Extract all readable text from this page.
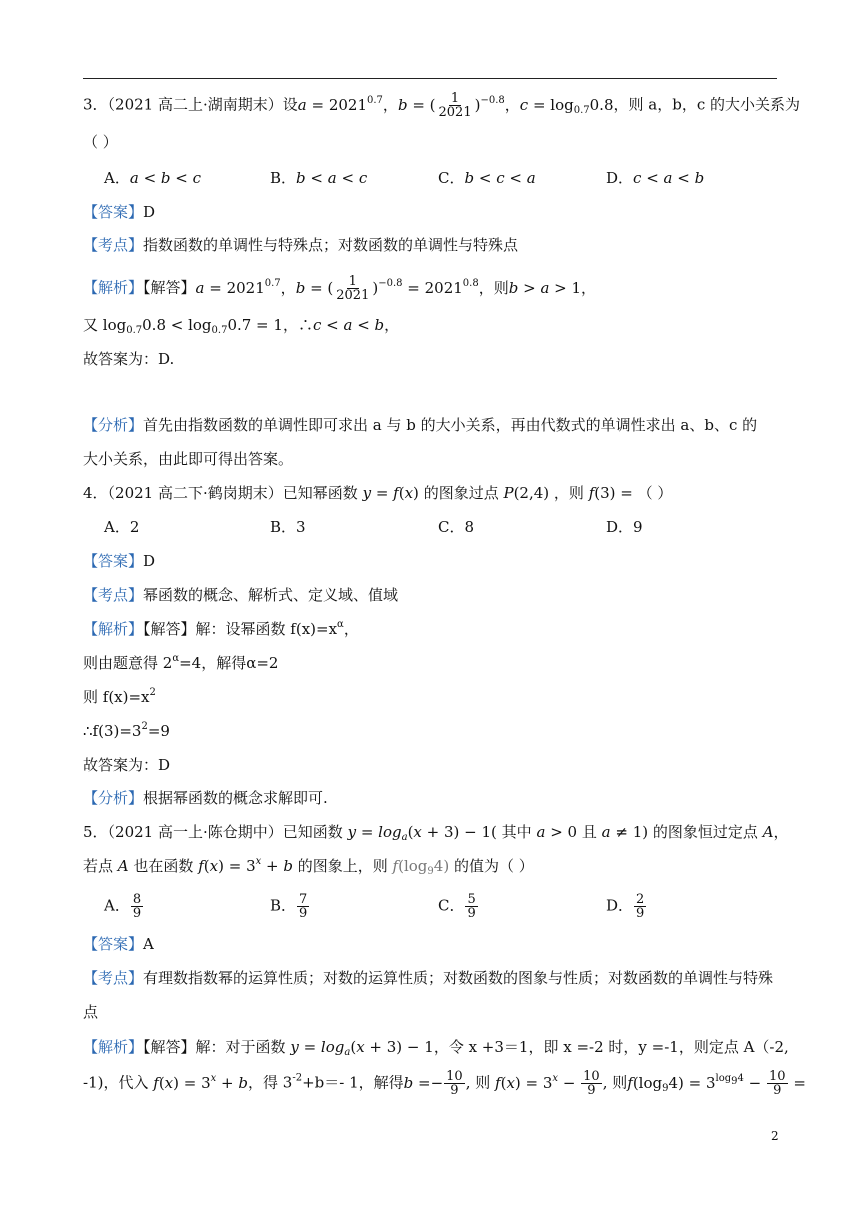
3．（2021 高二上·湖南期末）设$a = 2021^{0.7}$，b = ( $\frac{1}{2021} )^{-0.8}$，$c = \log_{0.7}0.8$，则 a，b，c 的大小关系为
（ ）
A．a < b < c	B．b < a < c	C．b < c < a	D．c < a < b
【答案】D
【考点】指数函数的单调性与特殊点；对数函数的单调性与特殊点
【解析】【解答】$a = 2021^{0.7}$，b = ( $\frac{1}{2021} )^{-0.8} = 2021^{0.8}$，则b > a > 1，
又 $\log_{0.7}0.8 < \log_{0.7}0.7 = 1$，∴c < a < b，
故答案为：D.
【分析】首先由指数函数的单调性即可求出 a 与 b 的大小关系，再由代数式的单调性求出 a、b、c 的
大小关系，由此即可得出答案。
4．（2021 高二下·鹤岗期末）已知幂函数 y = f(x) 的图象过点 P(2,4) ，则 f(3) = （ ）
A．2	B．3	C．8	D．9
【答案】D
【考点】幂函数的概念、解析式、定义域、值域
【解析】【解答】解：设幂函数 $f(x)=x^\alpha$，
则由题意得 $2^\alpha=4$，解得α=2
则 $f(x)=x^2$
$\therefore f(3)=3^2=9$
故答案为：D
【分析】根据幂函数的概念求解即可.
5．（2021 高一上·陈仓期中）已知函数 $y = \log_a(x + 3) - 1$( 其中 a > 0 且 a ≠ 1) 的图象恒过定点 A，
若点 A 也在函数 $f(x) = 3^x + b$ 的图象上，则 $f(\log_94)$ 的值为（ ）
A． $\frac{8}{9}$	B． $\frac{7}{9}$	C． $\frac{5}{9}$	D． $\frac{2}{9}$
【答案】A
【考点】有理数指数幂的运算性质；对数的运算性质；对数函数的图象与性质；对数函数的单调性与特殊
点
【解析】【解答】解：对于函数 $y = \log_a(x + 3) - 1$，令 x +3＝1，即 x =-2 时，y =-1，则定点 A（-2,
-1)，代入 $f(x) = 3^x + b$，得 $3^{-2}+b=-$ 1，解得$b =- \frac{10}{9}$ , 则 $f(x) = 3^x - \frac{10}{9}$ , 则$f(\log_94) = 3^{log_94} - \frac{10}{9}$ =
2
